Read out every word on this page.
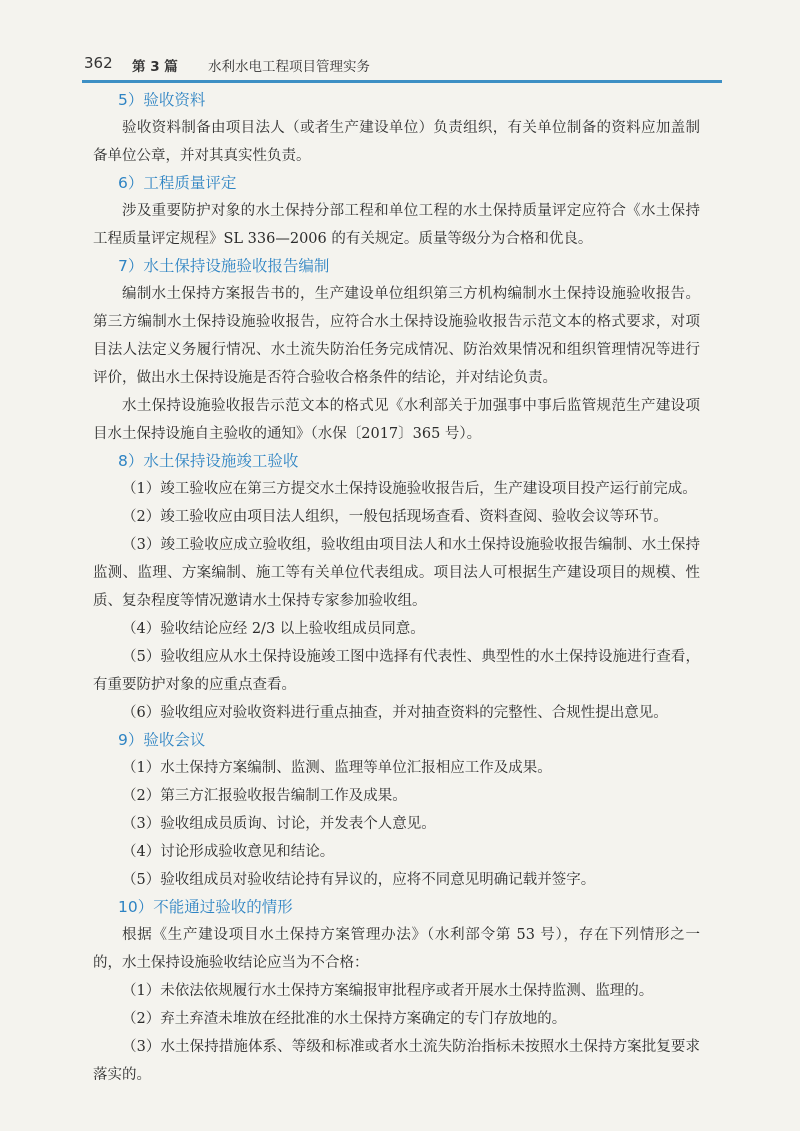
362 第 3 篇 水利水电工程项目管理实务
5）验收资料

验收资料制备由项目法人（或者生产建设单位）负责组织，有关单位制备的资料应加盖制备单位公章，并对其真实性负责。

6）工程质量评定

涉及重要防护对象的水土保持分部工程和单位工程的水土保持质量评定应符合《水土保持工程质量评定规程》SL 336—2006 的有关规定。质量等级分为合格和优良。

7）水土保持设施验收报告编制

编制水土保持方案报告书的，生产建设单位组织第三方机构编制水土保持设施验收报告。第三方编制水土保持设施验收报告，应符合水土保持设施验收报告示范文本的格式要求，对项目法人法定义务履行情况、水土流失防治任务完成情况、防治效果情况和组织管理情况等进行评价，做出水土保持设施是否符合验收合格条件的结论，并对结论负责。

水土保持设施验收报告示范文本的格式见《水利部关于加强事中事后监管规范生产建设项目水土保持设施自主验收的通知》（水保〔2017〕365 号）。

8）水土保持设施竣工验收

（1）竣工验收应在第三方提交水土保持设施验收报告后，生产建设项目投产运行前完成。

（2）竣工验收应由项目法人组织，一般包括现场查看、资料查阅、验收会议等环节。

（3）竣工验收应成立验收组，验收组由项目法人和水土保持设施验收报告编制、水土保持监测、监理、方案编制、施工等有关单位代表组成。项目法人可根据生产建设项目的规模、性质、复杂程度等情况邀请水土保持专家参加验收组。

（4）验收结论应经 2/3 以上验收组成员同意。

（5）验收组应从水土保持设施竣工图中选择有代表性、典型性的水土保持设施进行查看，有重要防护对象的应重点查看。

（6）验收组应对验收资料进行重点抽查，并对抽查资料的完整性、合规性提出意见。

9）验收会议

（1）水土保持方案编制、监测、监理等单位汇报相应工作及成果。

（2）第三方汇报验收报告编制工作及成果。

（3）验收组成员质询、讨论，并发表个人意见。

（4）讨论形成验收意见和结论。

（5）验收组成员对验收结论持有异议的，应将不同意见明确记载并签字。

10）不能通过验收的情形

根据《生产建设项目水土保持方案管理办法》（水利部令第 53 号），存在下列情形之一的，水土保持设施验收结论应当为不合格：

（1）未依法依规履行水土保持方案编报审批程序或者开展水土保持监测、监理的。

（2）弃土弃渣未堆放在经批准的水土保持方案确定的专门存放地的。

（3）水土保持措施体系、等级和标准或者水土流失防治指标未按照水土保持方案批复要求落实的。
